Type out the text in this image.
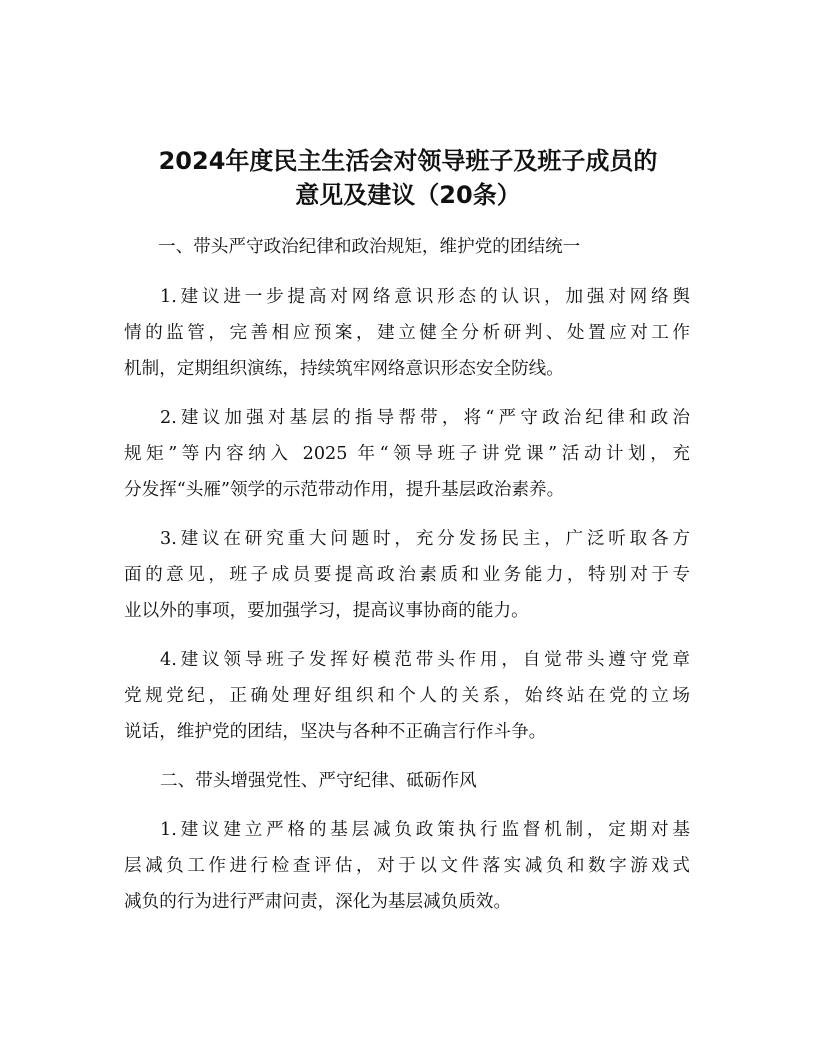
2024年度民主生活会对领导班子及班子成员的
意见及建议（20条）
一、带头严守政治纪律和政治规矩，维护党的团结统一
1.建议进一步提高对网络意识形态的认识，加强对网络舆
情的监管，完善相应预案，建立健全分析研判、处置应对工作
机制，定期组织演练，持续筑牢网络意识形态安全防线。
2.建议加强对基层的指导帮带，将“严守政治纪律和政治
规矩”等内容纳入 2025 年“领导班子讲党课”活动计划，充
分发挥“头雁”领学的示范带动作用，提升基层政治素养。
3.建议在研究重大问题时，充分发扬民主，广泛听取各方
面的意见，班子成员要提高政治素质和业务能力，特别对于专
业以外的事项，要加强学习，提高议事协商的能力。
4.建议领导班子发挥好模范带头作用，自觉带头遵守党章
党规党纪，正确处理好组织和个人的关系，始终站在党的立场
说话，维护党的团结，坚决与各种不正确言行作斗争。
二、带头增强党性、严守纪律、砥砺作风
1.建议建立严格的基层减负政策执行监督机制，定期对基
层减负工作进行检查评估，对于以文件落实减负和数字游戏式
减负的行为进行严肃问责，深化为基层减负质效。
